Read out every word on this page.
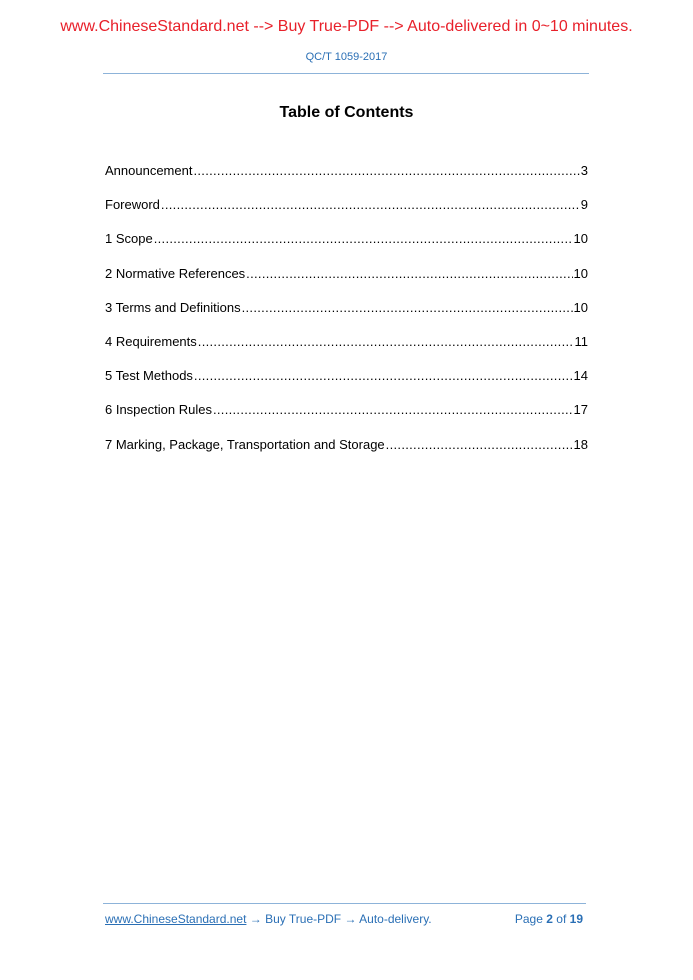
www.ChineseStandard.net --> Buy True-PDF --> Auto-delivered in 0~10 minutes.
QC/T 1059-2017
Table of Contents
Announcement .....	3
Foreword .....	9
1 Scope .....	10
2 Normative References .....	10
3 Terms and Definitions .....	10
4 Requirements .....	11
5 Test Methods .....	14
6 Inspection Rules .....	17
7 Marking, Package, Transportation and Storage .....	18
www.ChineseStandard.net → Buy True-PDF → Auto-delivery.	Page 2 of 19
